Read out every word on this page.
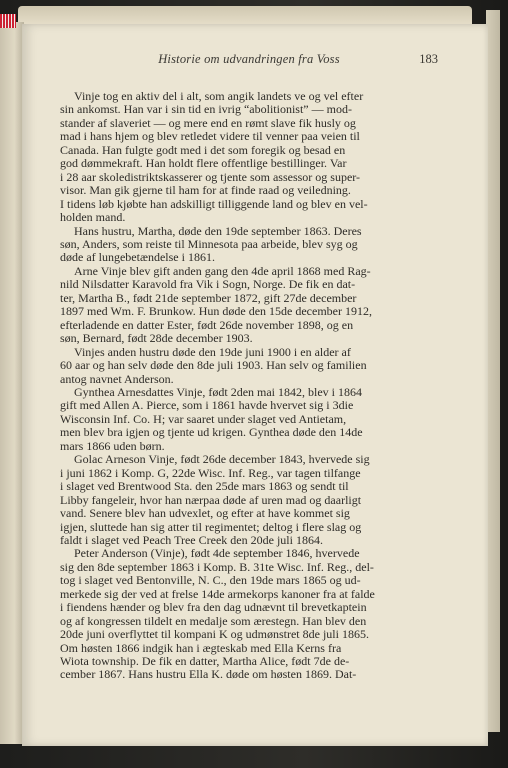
Historie om udvandringen fra Voss	183
Vinje tog en aktiv del i alt, som angik landets ve og vel efter
sin ankomst. Han var i sin tid en ivrig “abolitionist” — mod-
stander af slaveriet — og mere end en rømt slave fik husly og
mad i hans hjem og blev retledet videre til venner paa veien til
Canada. Han fulgte godt med i det som foregik og besad en
god dømmekraft. Han holdt flere offentlige bestillinger. Var
i 28 aar skoledistriktskasserer og tjente som assessor og super-
visor. Man gik gjerne til ham for at finde raad og veiledning.
I tidens løb kjøbte han adskilligt tilliggende land og blev en vel-
holden mand.
Hans hustru, Martha, døde den 19de september 1863. Deres
søn, Anders, som reiste til Minnesota paa arbeide, blev syg og
døde af lungebetændelse i 1861.
Arne Vinje blev gift anden gang den 4de april 1868 med Rag-
nild Nilsdatter Karavold fra Vik i Sogn, Norge. De fik en dat-
ter, Martha B., født 21de september 1872, gift 27de december
1897 med Wm. F. Brunkow. Hun døde den 15de december 1912,
efterladende en datter Ester, født 26de november 1898, og en
søn, Bernard, født 28de december 1903.
Vinjes anden hustru døde den 19de juni 1900 i en alder af
60 aar og han selv døde den 8de juli 1903. Han selv og familien
antog navnet Anderson.
Gynthea Arnesdattes Vinje, født 2den mai 1842, blev i 1864
gift med Allen A. Pierce, som i 1861 havde hvervet sig i 3die
Wisconsin Inf. Co. H; var saaret under slaget ved Antietam,
men blev bra igjen og tjente ud krigen. Gynthea døde den 14de
mars 1866 uden børn.
Golac Arneson Vinje, født 26de december 1843, hvervede sig
i juni 1862 i Komp. G, 22de Wisc. Inf. Reg., var tagen tilfange
i slaget ved Brentwood Sta. den 25de mars 1863 og sendt til
Libby fangeleir, hvor han nærpaa døde af uren mad og daarligt
vand. Senere blev han udvexlet, og efter at have kommet sig
igjen, sluttede han sig atter til regimentet; deltog i flere slag og
faldt i slaget ved Peach Tree Creek den 20de juli 1864.
Peter Anderson (Vinje), født 4de september 1846, hvervede
sig den 8de september 1863 i Komp. B. 31te Wisc. Inf. Reg., del-
tog i slaget ved Bentonville, N. C., den 19de mars 1865 og ud-
merkede sig der ved at frelse 14de armekorps kanoner fra at falde
i fiendens hænder og blev fra den dag udnævnt til brevetkaptein
og af kongressen tildelt en medalje som ærestegn. Han blev den
20de juni overflyttet til kompani K og udmønstret 8de juli 1865.
Om høsten 1866 indgik han i ægteskab med Ella Kerns fra
Wiota township. De fik en datter, Martha Alice, født 7de de-
cember 1867. Hans hustru Ella K. døde om høsten 1869. Dat-
